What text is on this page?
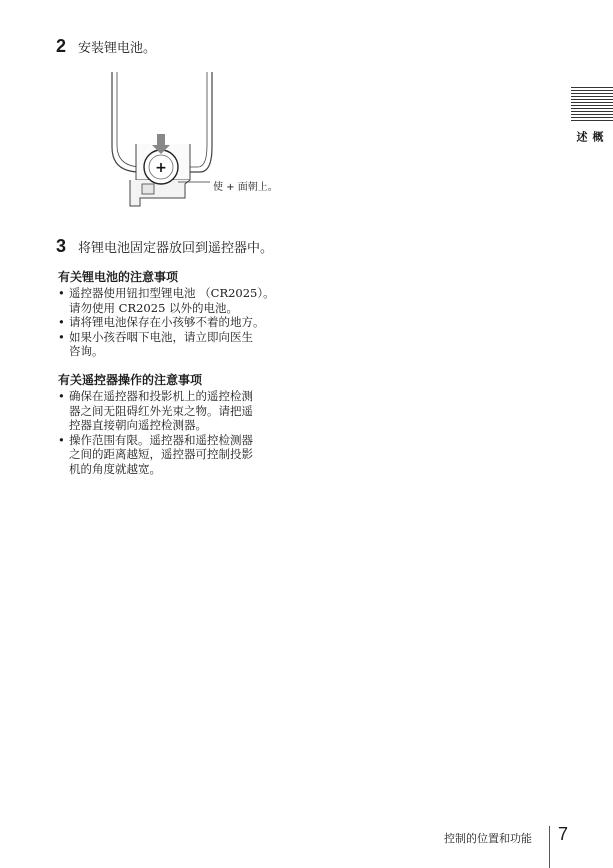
2 安装锂电池。
+
使 + 面朝上。
3 将锂电池固定器放回到遥控器中。
有关锂电池的注意事项
• 遥控器使用钮扣型锂电池 （CR2025）。
请勿使用 CR2025 以外的电池。
• 请将锂电池保存在小孩够不着的地方。
• 如果小孩吞咽下电池，请立即向医生
咨询。
有关遥控器操作的注意事项
• 确保在遥控器和投影机上的遥控检测
器之间无阻碍红外光束之物。请把遥
控器直接朝向遥控检测器。
• 操作范围有限。遥控器和遥控检测器
之间的距离越短，遥控器可控制投影
机的角度就越宽。
概述
控制的位置和功能 7
